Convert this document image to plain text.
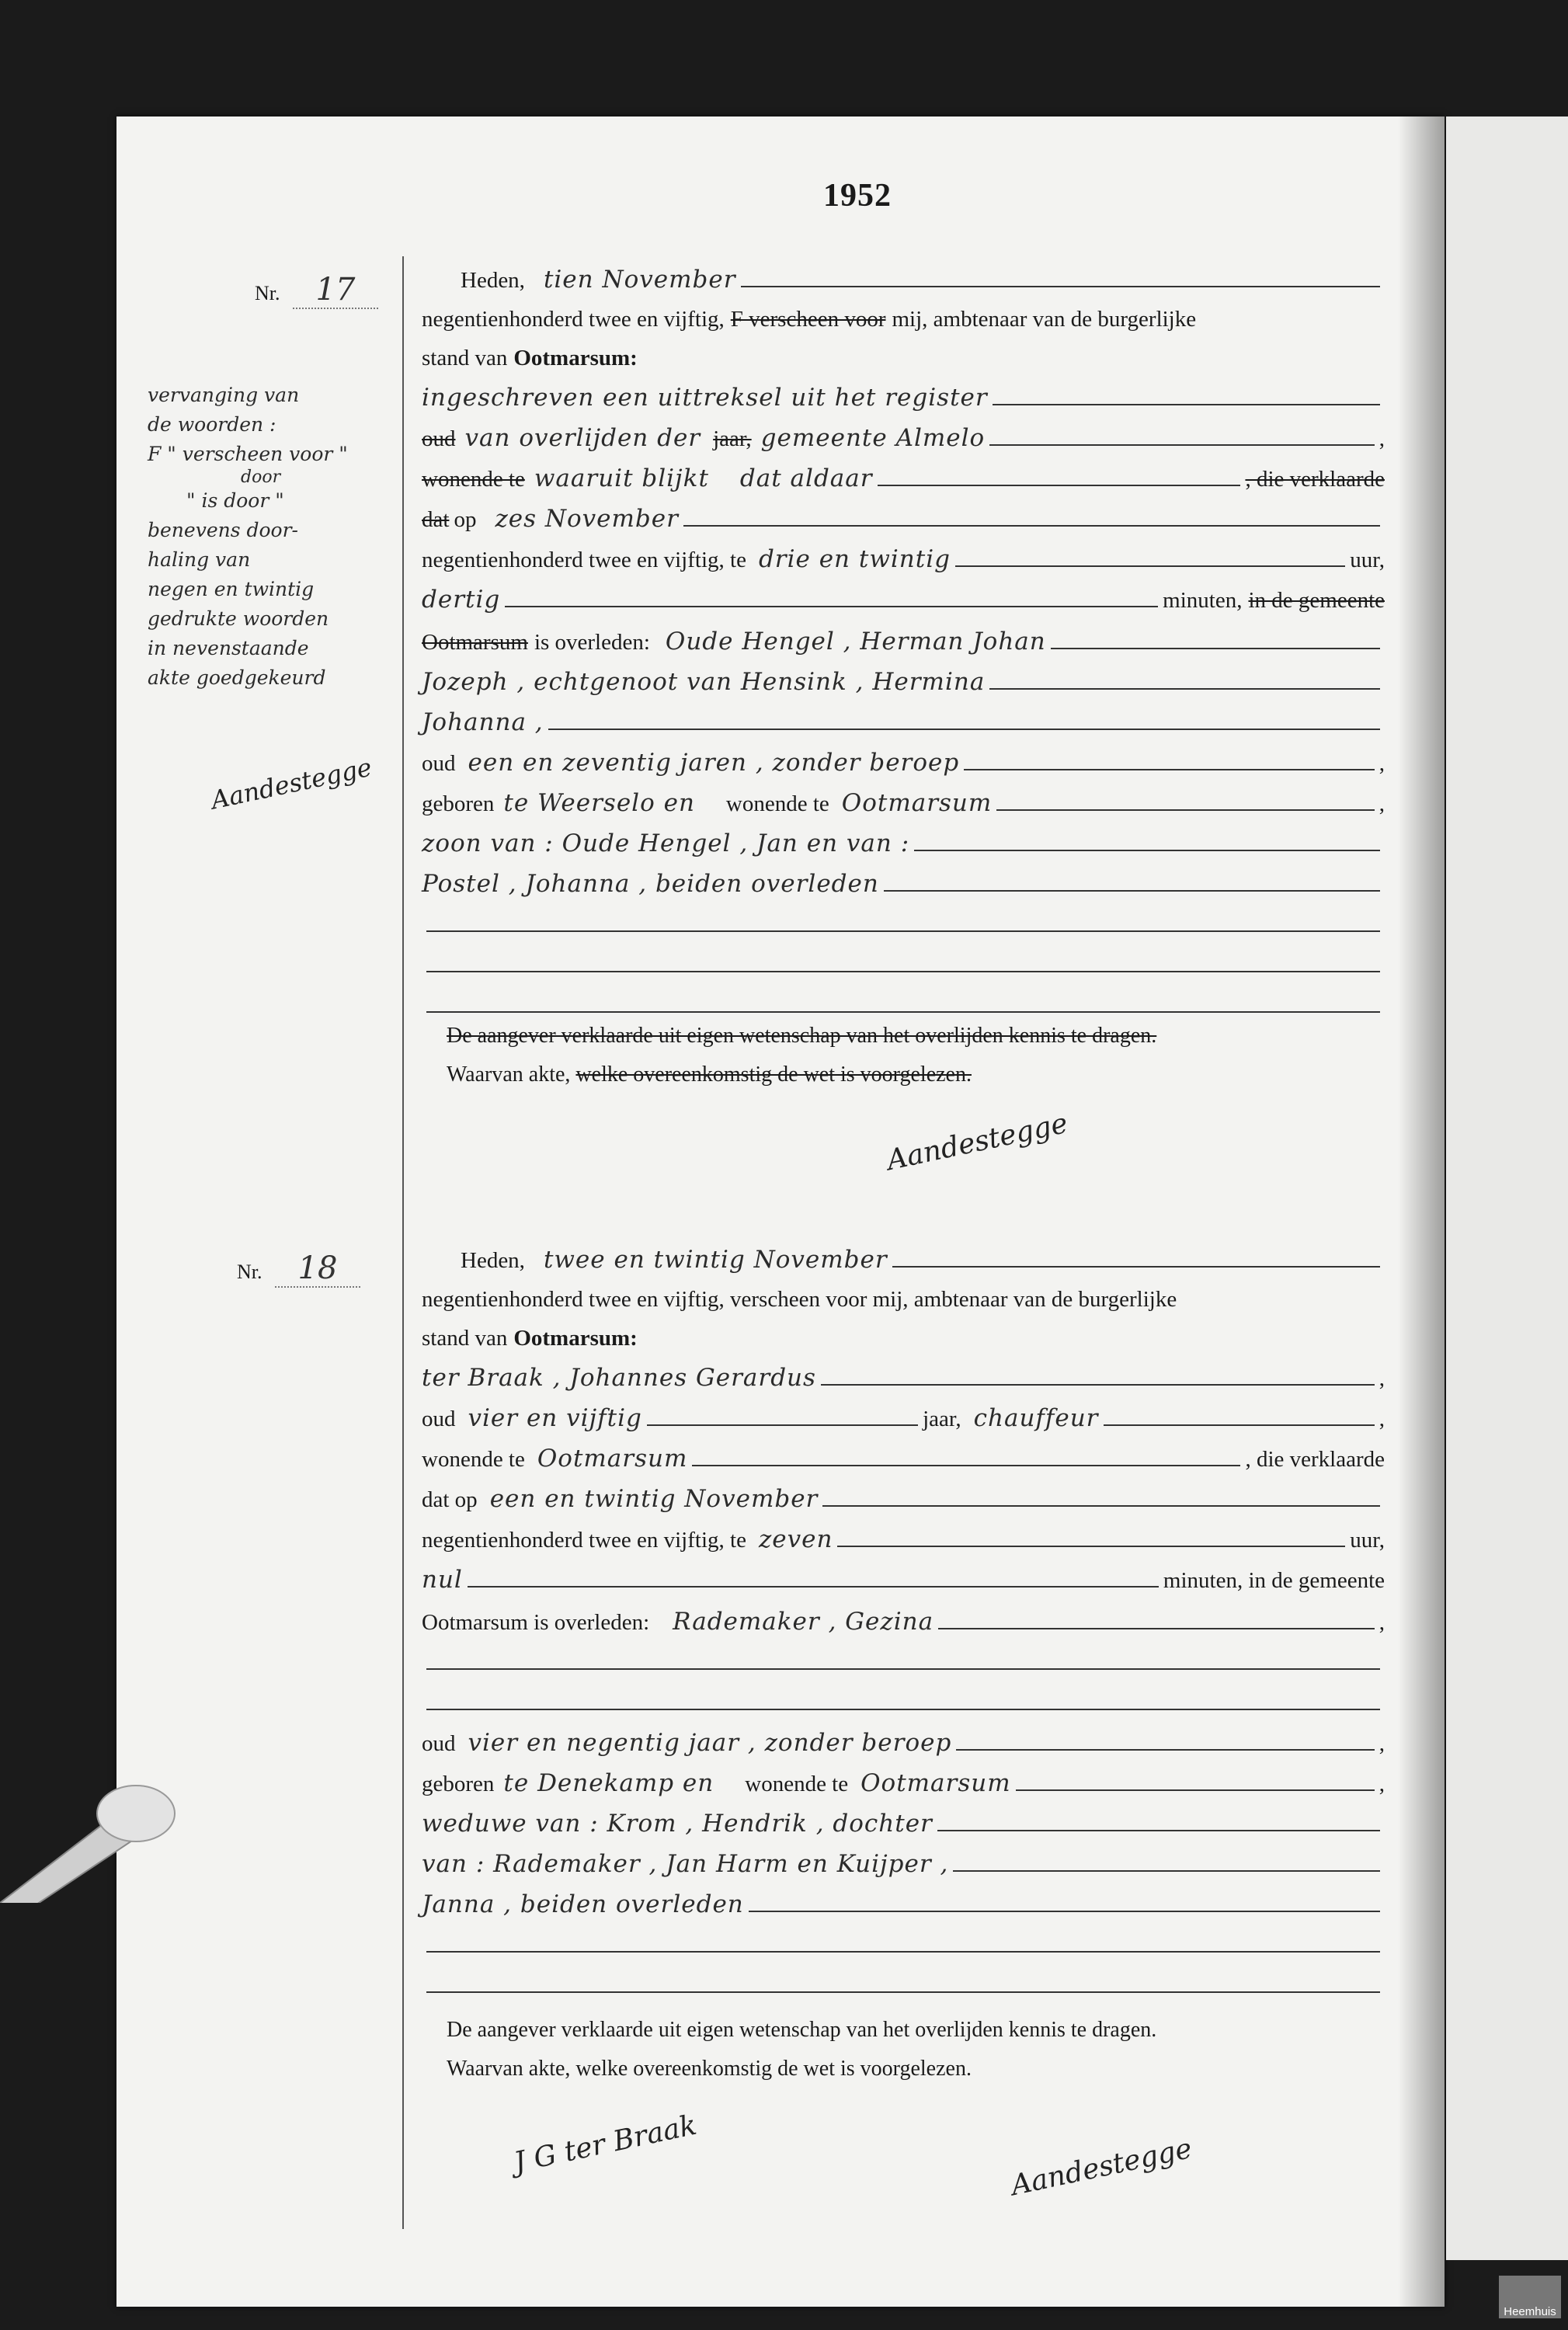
1952
Nr. 17	Heden, tien November
negentienhonderd twee en vijftig, F verscheen voor mij, ambtenaar van de burgerlijke
stand van Ootmarsum:
ingeschreven een uittreksel uit het register
oud van overlijden der jaar, gemeente Almelo	,
wonende te waaruit blijkt dat aldaar	, die verklaarde
dat op zes November
negentienhonderd twee en vijftig, te drie en twintig	uur,
dertig	minuten, in de gemeente
Ootmarsum is overleden: Oude Hengel , Herman Johan
Jozeph , echtgenoot van Hensink , Hermina
Johanna ,
oud een en zeventig jaren , zonder beroep	,
geboren te Weerselo en wonende te Ootmarsum	,
zoon van : Oude Hengel , Jan en van :
Postel , Johanna , beiden overleden
De aangever verklaarde uit eigen wetenschap van het overlijden kennis te dragen.
Waarvan akte, welke overeenkomstig de wet is voorgelezen.
Aandestegge
vervanging van
de woorden :
F " verscheen voor "
door
" is door "
benevens door-
haling van
negen en twintig
gedrukte woorden
in nevenstaande
akte goedgekeurd
Aandestegge
Nr. 18	Heden, twee en twintig November
negentienhonderd twee en vijftig, verscheen voor mij, ambtenaar van de burgerlijke
stand van Ootmarsum:
ter Braak , Johannes Gerardus	,
oud vier en vijftig	jaar, chauffeur	,
wonende te Ootmarsum	, die verklaarde
dat op een en twintig November
negentienhonderd twee en vijftig, te zeven	uur,
nul	minuten, in de gemeente
Ootmarsum is overleden: Rademaker , Gezina	,
oud vier en negentig jaar , zonder beroep	,
geboren te Denekamp en wonende te Ootmarsum	,
weduwe van : Krom , Hendrik , dochter
van : Rademaker , Jan Harm en Kuijper ,
Janna , beiden overleden
De aangever verklaarde uit eigen wetenschap van het overlijden kennis te dragen.
Waarvan akte, welke overeenkomstig de wet is voorgelezen.
J G ter Braak	Aandestegge
Heemhuis
